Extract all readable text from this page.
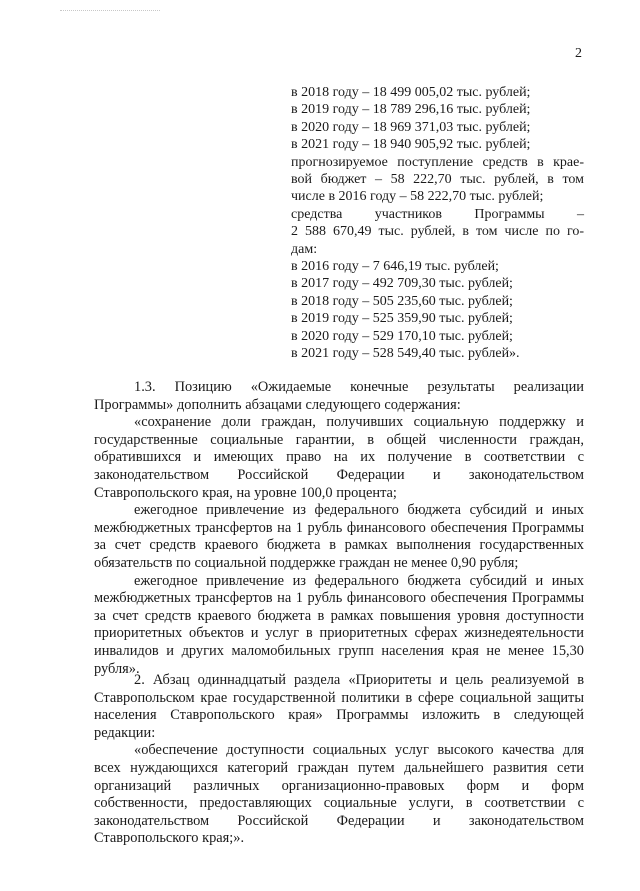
2
в 2018 году – 18 499 005,02 тыс. рублей;
в 2019 году – 18 789 296,16 тыс. рублей;
в 2020 году – 18 969 371,03 тыс. рублей;
в 2021 году – 18 940 905,92 тыс. рублей;
прогнозируемое поступление средств в крае-
вой бюджет – 58 222,70 тыс. рублей, в том
числе в 2016 году – 58 222,70 тыс. рублей;
средства участников Программы –
2 588 670,49 тыс. рублей, в том числе по го-
дам:
в 2016 году – 7 646,19 тыс. рублей;
в 2017 году – 492 709,30 тыс. рублей;
в 2018 году – 505 235,60 тыс. рублей;
в 2019 году – 525 359,90 тыс. рублей;
в 2020 году – 529 170,10 тыс. рублей;
в 2021 году – 528 549,40 тыс. рублей».

1.3. Позицию «Ожидаемые конечные результаты реализации Программы» дополнить абзацами следующего содержания:

«сохранение доли граждан, получивших социальную поддержку и государственные социальные гарантии, в общей численности граждан, обратившихся и имеющих право на их получение в соответствии с законодательством Российской Федерации и законодательством Ставропольского края, на уровне 100,0 процента;

ежегодное привлечение из федерального бюджета субсидий и иных межбюджетных трансфертов на 1 рубль финансового обеспечения Программы за счет средств краевого бюджета в рамках выполнения государственных обязательств по социальной поддержке граждан не менее 0,90 рубля;

ежегодное привлечение из федерального бюджета субсидий и иных межбюджетных трансфертов на 1 рубль финансового обеспечения Программы за счет средств краевого бюджета в рамках повышения уровня доступности приоритетных объектов и услуг в приоритетных сферах жизнедеятельности инвалидов и других маломобильных групп населения края не менее 15,30 рубля».

2. Абзац одиннадцатый раздела «Приоритеты и цель реализуемой в Ставропольском крае государственной политики в сфере социальной защиты населения Ставропольского края» Программы изложить в следующей редакции:

«обеспечение доступности социальных услуг высокого качества для всех нуждающихся категорий граждан путем дальнейшего развития сети организаций различных организационно-правовых форм и форм собственности, предоставляющих социальные услуги, в соответствии с законодательством Российской Федерации и законодательством Ставропольского края;».
